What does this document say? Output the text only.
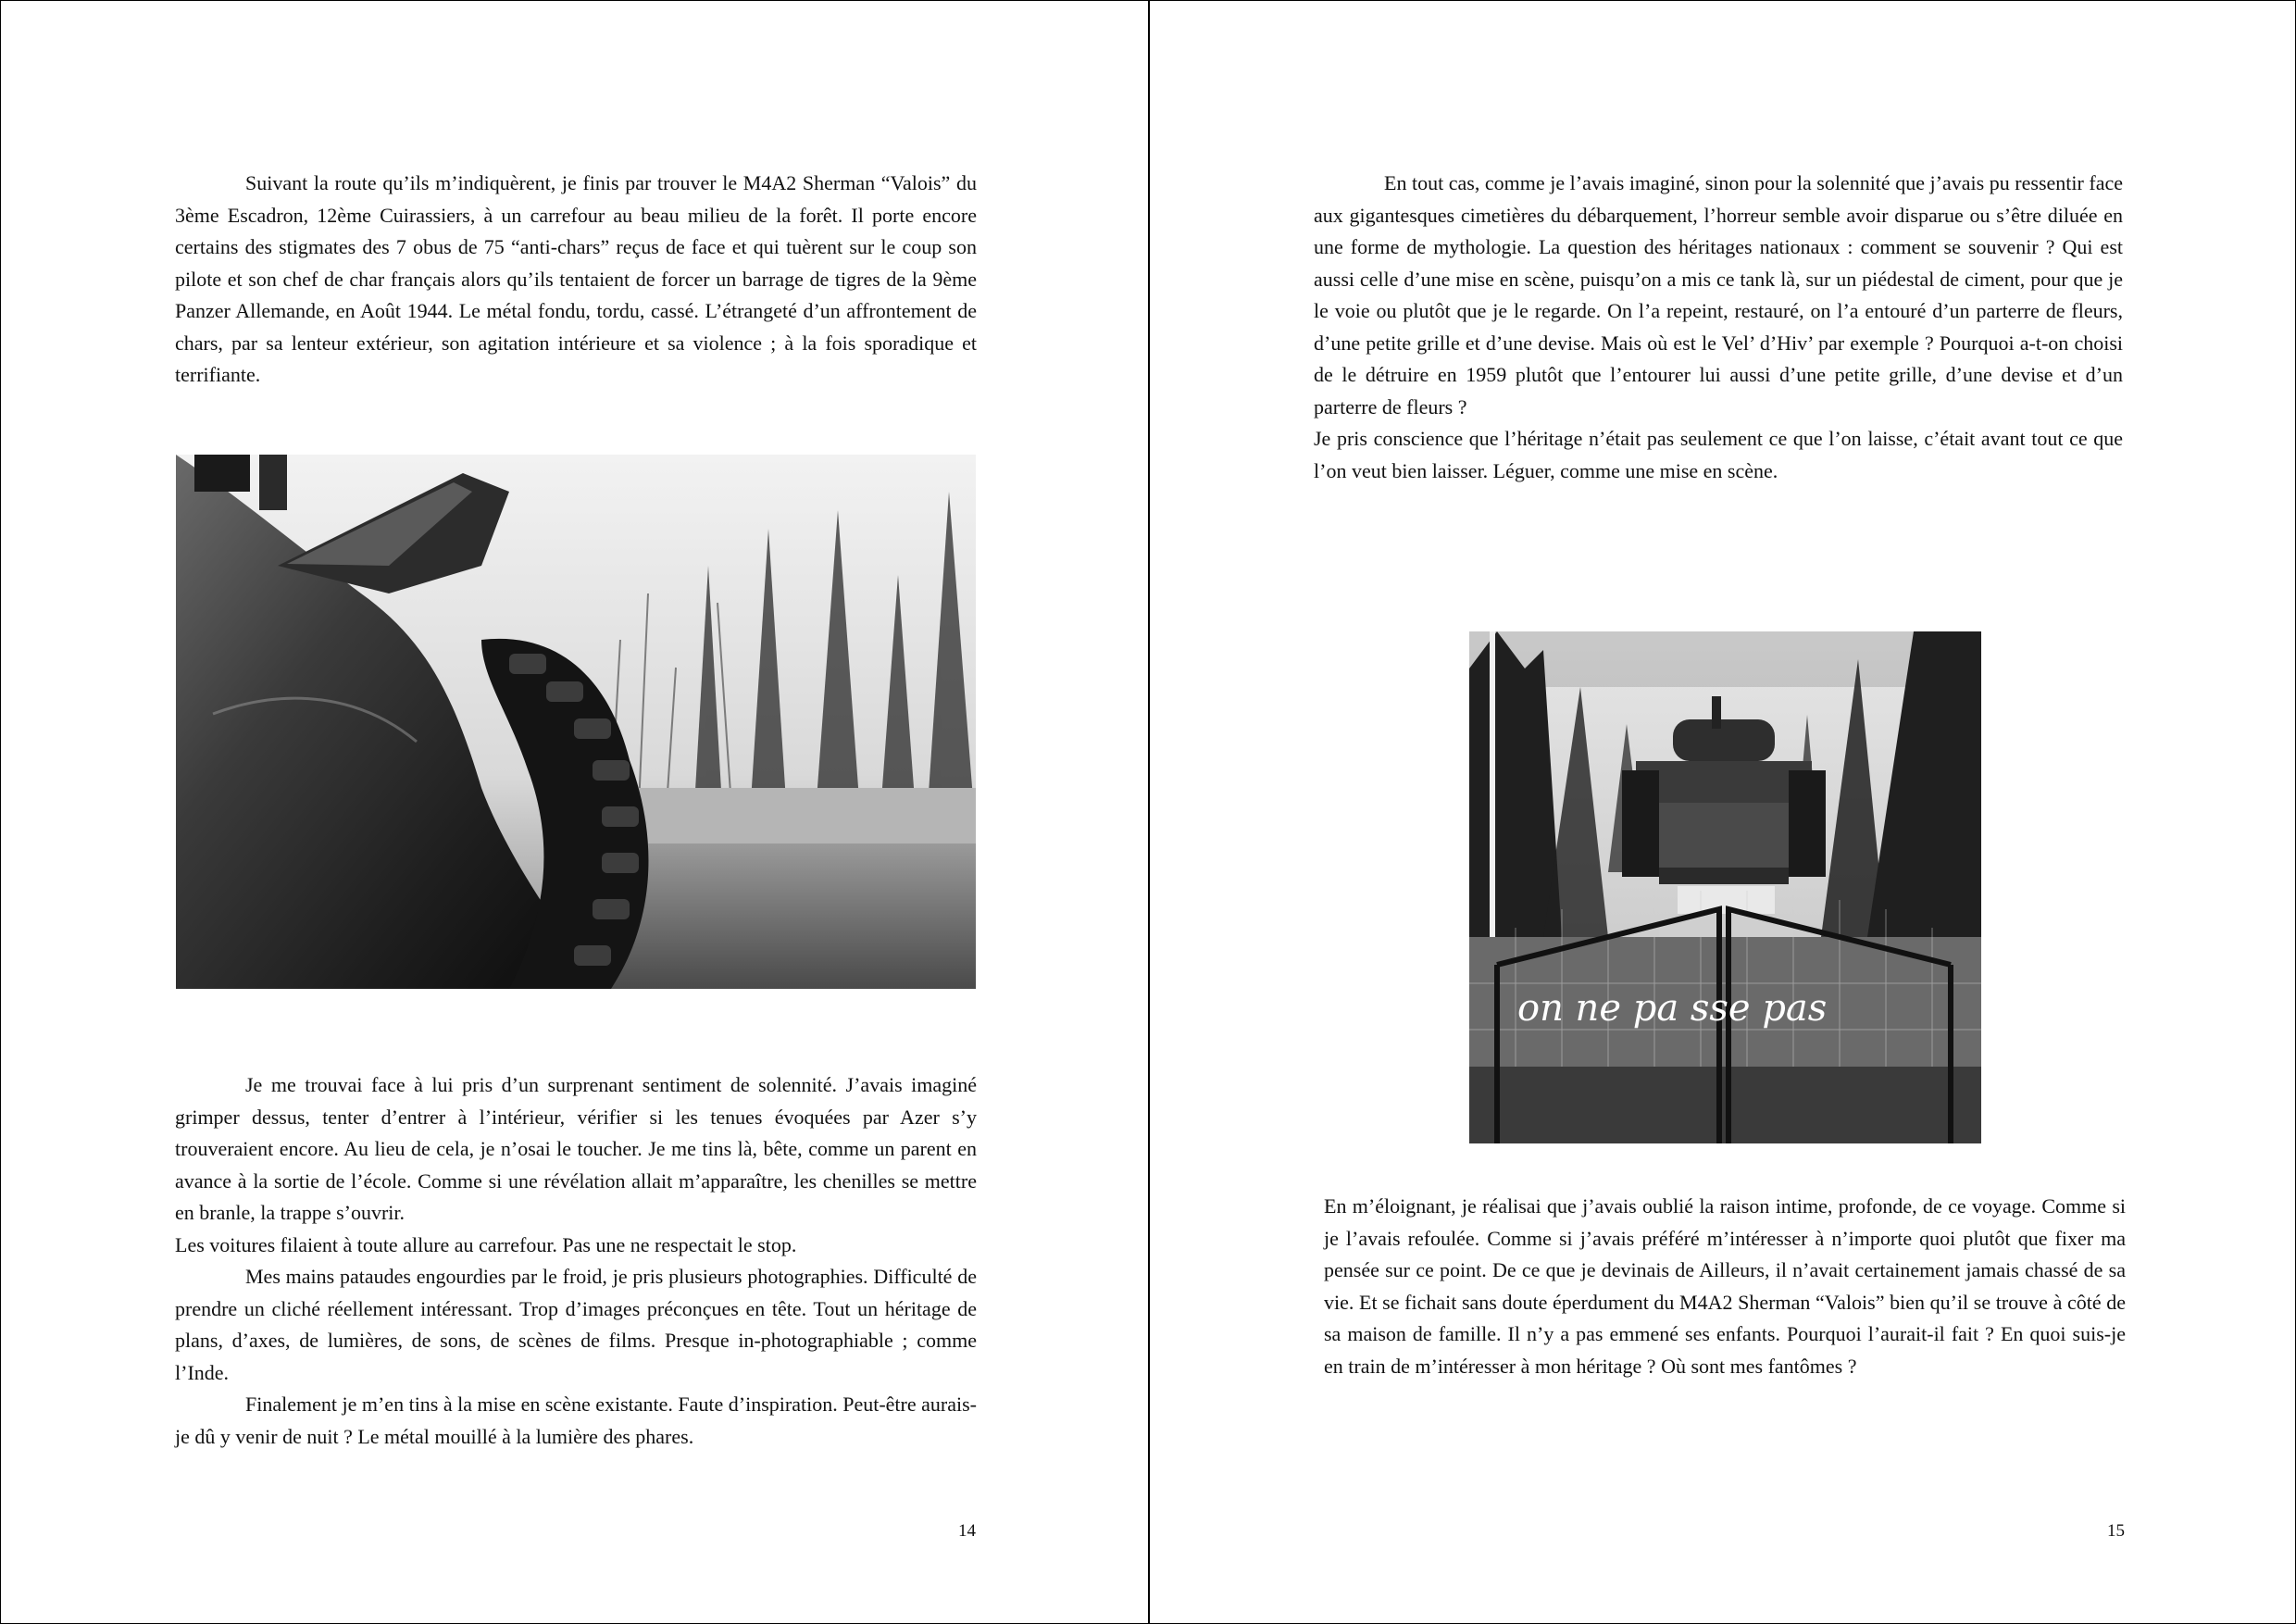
Suivant la route qu’ils m’indiquèrent, je finis par trouver le M4A2 Sherman “Valois” du 3ème Escadron, 12ème Cuirassiers, à un carrefour au beau milieu de la forêt. Il porte encore certains des stigmates des 7 obus de 75 “anti-chars” reçus de face et qui tuèrent sur le coup son pilote et son chef de char français alors qu’ils tentaient de forcer un barrage de tigres de la 9ème Panzer Allemande, en Août 1944. Le métal fondu, tordu, cassé. L’étrangeté d’un affrontement de chars, par sa lenteur extérieur, son agitation intérieure et sa violence ; à la fois sporadique et terrifiante.

Je me trouvai face à lui pris d’un surprenant sentiment de solennité. J’avais imaginé grimper dessus, tenter d’entrer à l’intérieur, vérifier si les tenues évoquées par Azer s’y trouveraient encore. Au lieu de cela, je n’osai le toucher. Je me tins là, bête, comme un parent en avance à la sortie de l’école. Comme si une révélation allait m’apparaître, les chenilles se mettre en branle, la trappe s’ouvrir.

Les voitures filaient à toute allure au carrefour. Pas une ne respectait le stop.

Mes mains pataudes engourdies par le froid, je pris plusieurs photographies. Difficulté de prendre un cliché réellement intéressant. Trop d’images préconçues en tête. Tout un héritage de plans, d’axes, de lumières, de sons, de scènes de films. Presque in-photographiable ; comme l’Inde.

Finalement je m’en tins à la mise en scène existante. Faute d’inspiration. Peut-être aurais-je dû y venir de nuit ? Le métal mouillé à la lumière des phares.

14

En tout cas, comme je l’avais imaginé, sinon pour la solennité que j’avais pu ressentir face aux gigantesques cimetières du débarquement, l’horreur semble avoir disparue ou s’être diluée en une forme de mythologie. La question des héritages nationaux : comment se souvenir ? Qui est aussi celle d’une mise en scène, puisqu’on a mis ce tank là, sur un piédestal de ciment, pour que je le voie ou plutôt que je le regarde. On l’a repeint, restauré, on l’a entouré d’un parterre de fleurs, d’une petite grille et d’une devise. Mais où est le Vel’ d’Hiv’ par exemple ? Pourquoi a-t-on choisi de le détruire en 1959 plutôt que l’entourer lui aussi d’une petite grille, d’une devise et d’un parterre de fleurs ?

Je pris conscience que l’héritage n’était pas seulement ce que l’on laisse, c’était avant tout ce que l’on veut bien laisser. Léguer, comme une mise en scène.

on ne pa sse pas

En m’éloignant, je réalisai que j’avais oublié la raison intime, profonde, de ce voyage. Comme si je l’avais refoulée. Comme si j’avais préféré m’intéresser à n’importe quoi plutôt que fixer ma pensée sur ce point. De ce que je devinais de Ailleurs, il n’avait certainement jamais chassé de sa vie. Et se fichait sans doute éperdument du M4A2 Sherman “Valois” bien qu’il se trouve à côté de sa maison de famille. Il n’y a pas emmené ses enfants. Pourquoi l’aurait-il fait ? En quoi suis-je en train de m’intéresser à mon héritage ? Où sont mes fantômes ?

15
